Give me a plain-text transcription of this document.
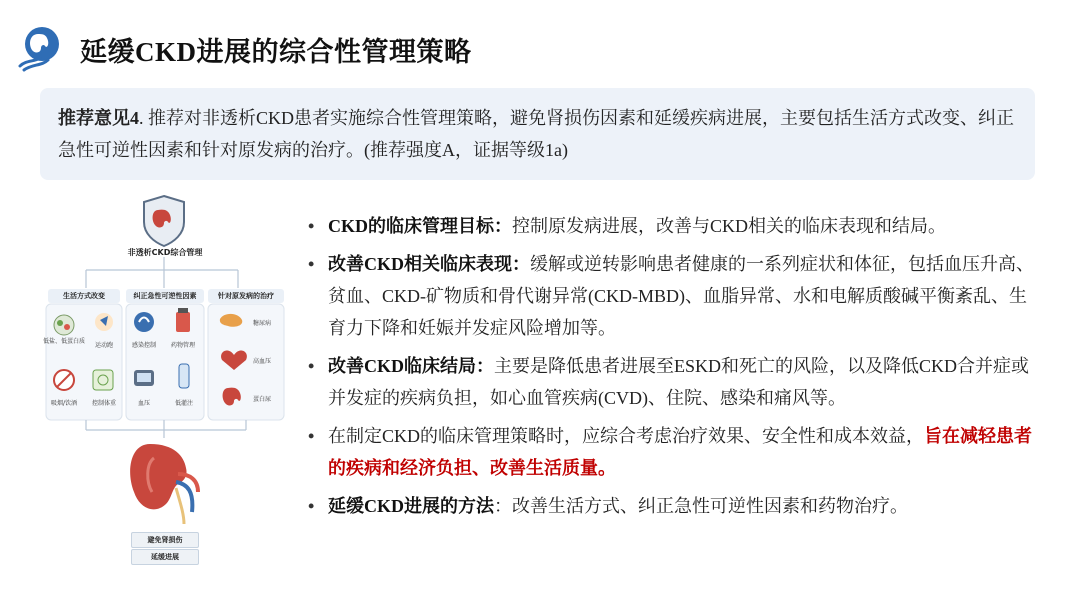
延缓CKD进展的综合性管理策略
推荐意见4. 推荐对非透析CKD患者实施综合性管理策略，避免肾损伤因素和延缓疾病进展，主要包括生活方式改变、纠正急性可逆性因素和针对原发病的治疗。(推荐强度A，证据等级1a)
非透析CKD综合管理
生活方式改变	纠正急性可逆性因素	针对原发病的治疗
低盐、低蛋白质
运动跑
吸烟/饮酒	控制体重
感染控制	药物管理
血压	低灌注
糖尿病
高血压
蛋白尿
避免肾损伤
延缓进展
• CKD的临床管理目标：控制原发病进展，改善与CKD相关的临床表现和结局。
• 改善CKD相关临床表现：缓解或逆转影响患者健康的一系列症状和体征，包括血压升高、贫血、CKD-矿物质和骨代谢异常(CKD-MBD)、血脂异常、水和电解质酸碱平衡紊乱、生育力下降和妊娠并发症风险增加等。
• 改善CKD临床结局：主要是降低患者进展至ESKD和死亡的风险，以及降低CKD合并症或并发症的疾病负担，如心血管疾病(CVD)、住院、感染和痛风等。
• 在制定CKD的临床管理策略时，应综合考虑治疗效果、安全性和成本效益，旨在减轻患者的疾病和经济负担、改善生活质量。
• 延缓CKD进展的方法：改善生活方式、纠正急性可逆性因素和药物治疗。
